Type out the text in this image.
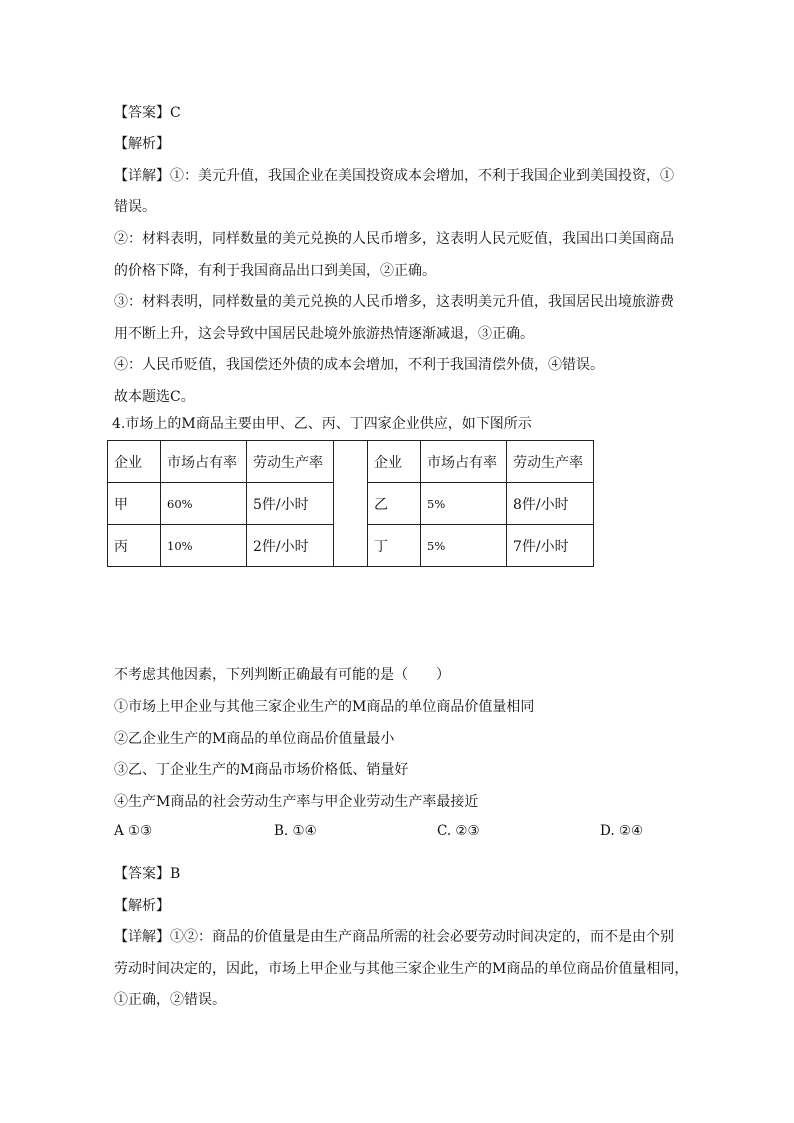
【答案】C
【解析】
【详解】①：美元升值，我国企业在美国投资成本会增加，不利于我国企业到美国投资，①
错误。
②：材料表明，同样数量的美元兑换的人民币增多，这表明人民元贬值，我国出口美国商品
的价格下降，有利于我国商品出口到美国，②正确。
③：材料表明，同样数量的美元兑换的人民币增多，这表明美元升值，我国居民出境旅游费
用不断上升，这会导致中国居民赴境外旅游热情逐渐减退，③正确。
④：人民币贬值，我国偿还外债的成本会增加，不利于我国清偿外债，④错误。
故本题选C。
4.市场上的M商品主要由甲、乙、丙、丁四家企业供应，如下图所示
企业	市场占有率	劳动生产率		企业	市场占有率	劳动生产率
甲	60%	5件/小时		乙	5%	8件/小时
丙	10%	2件/小时		丁	5%	7件/小时
不考虑其他因素，下列判断正确最有可能的是（　　）
①市场上甲企业与其他三家企业生产的M商品的单位商品价值量相同
②乙企业生产的M商品的单位商品价值量最小
③乙、丁企业生产的M商品市场价格低、销量好
④生产M商品的社会劳动生产率与甲企业劳动生产率最接近
A ①③	B. ①④	C. ②③	D. ②④
【答案】B
【解析】
【详解】①②：商品的价值量是由生产商品所需的社会必要劳动时间决定的，而不是由个别
劳动时间决定的，因此，市场上甲企业与其他三家企业生产的M商品的单位商品价值量相同，
①正确，②错误。
